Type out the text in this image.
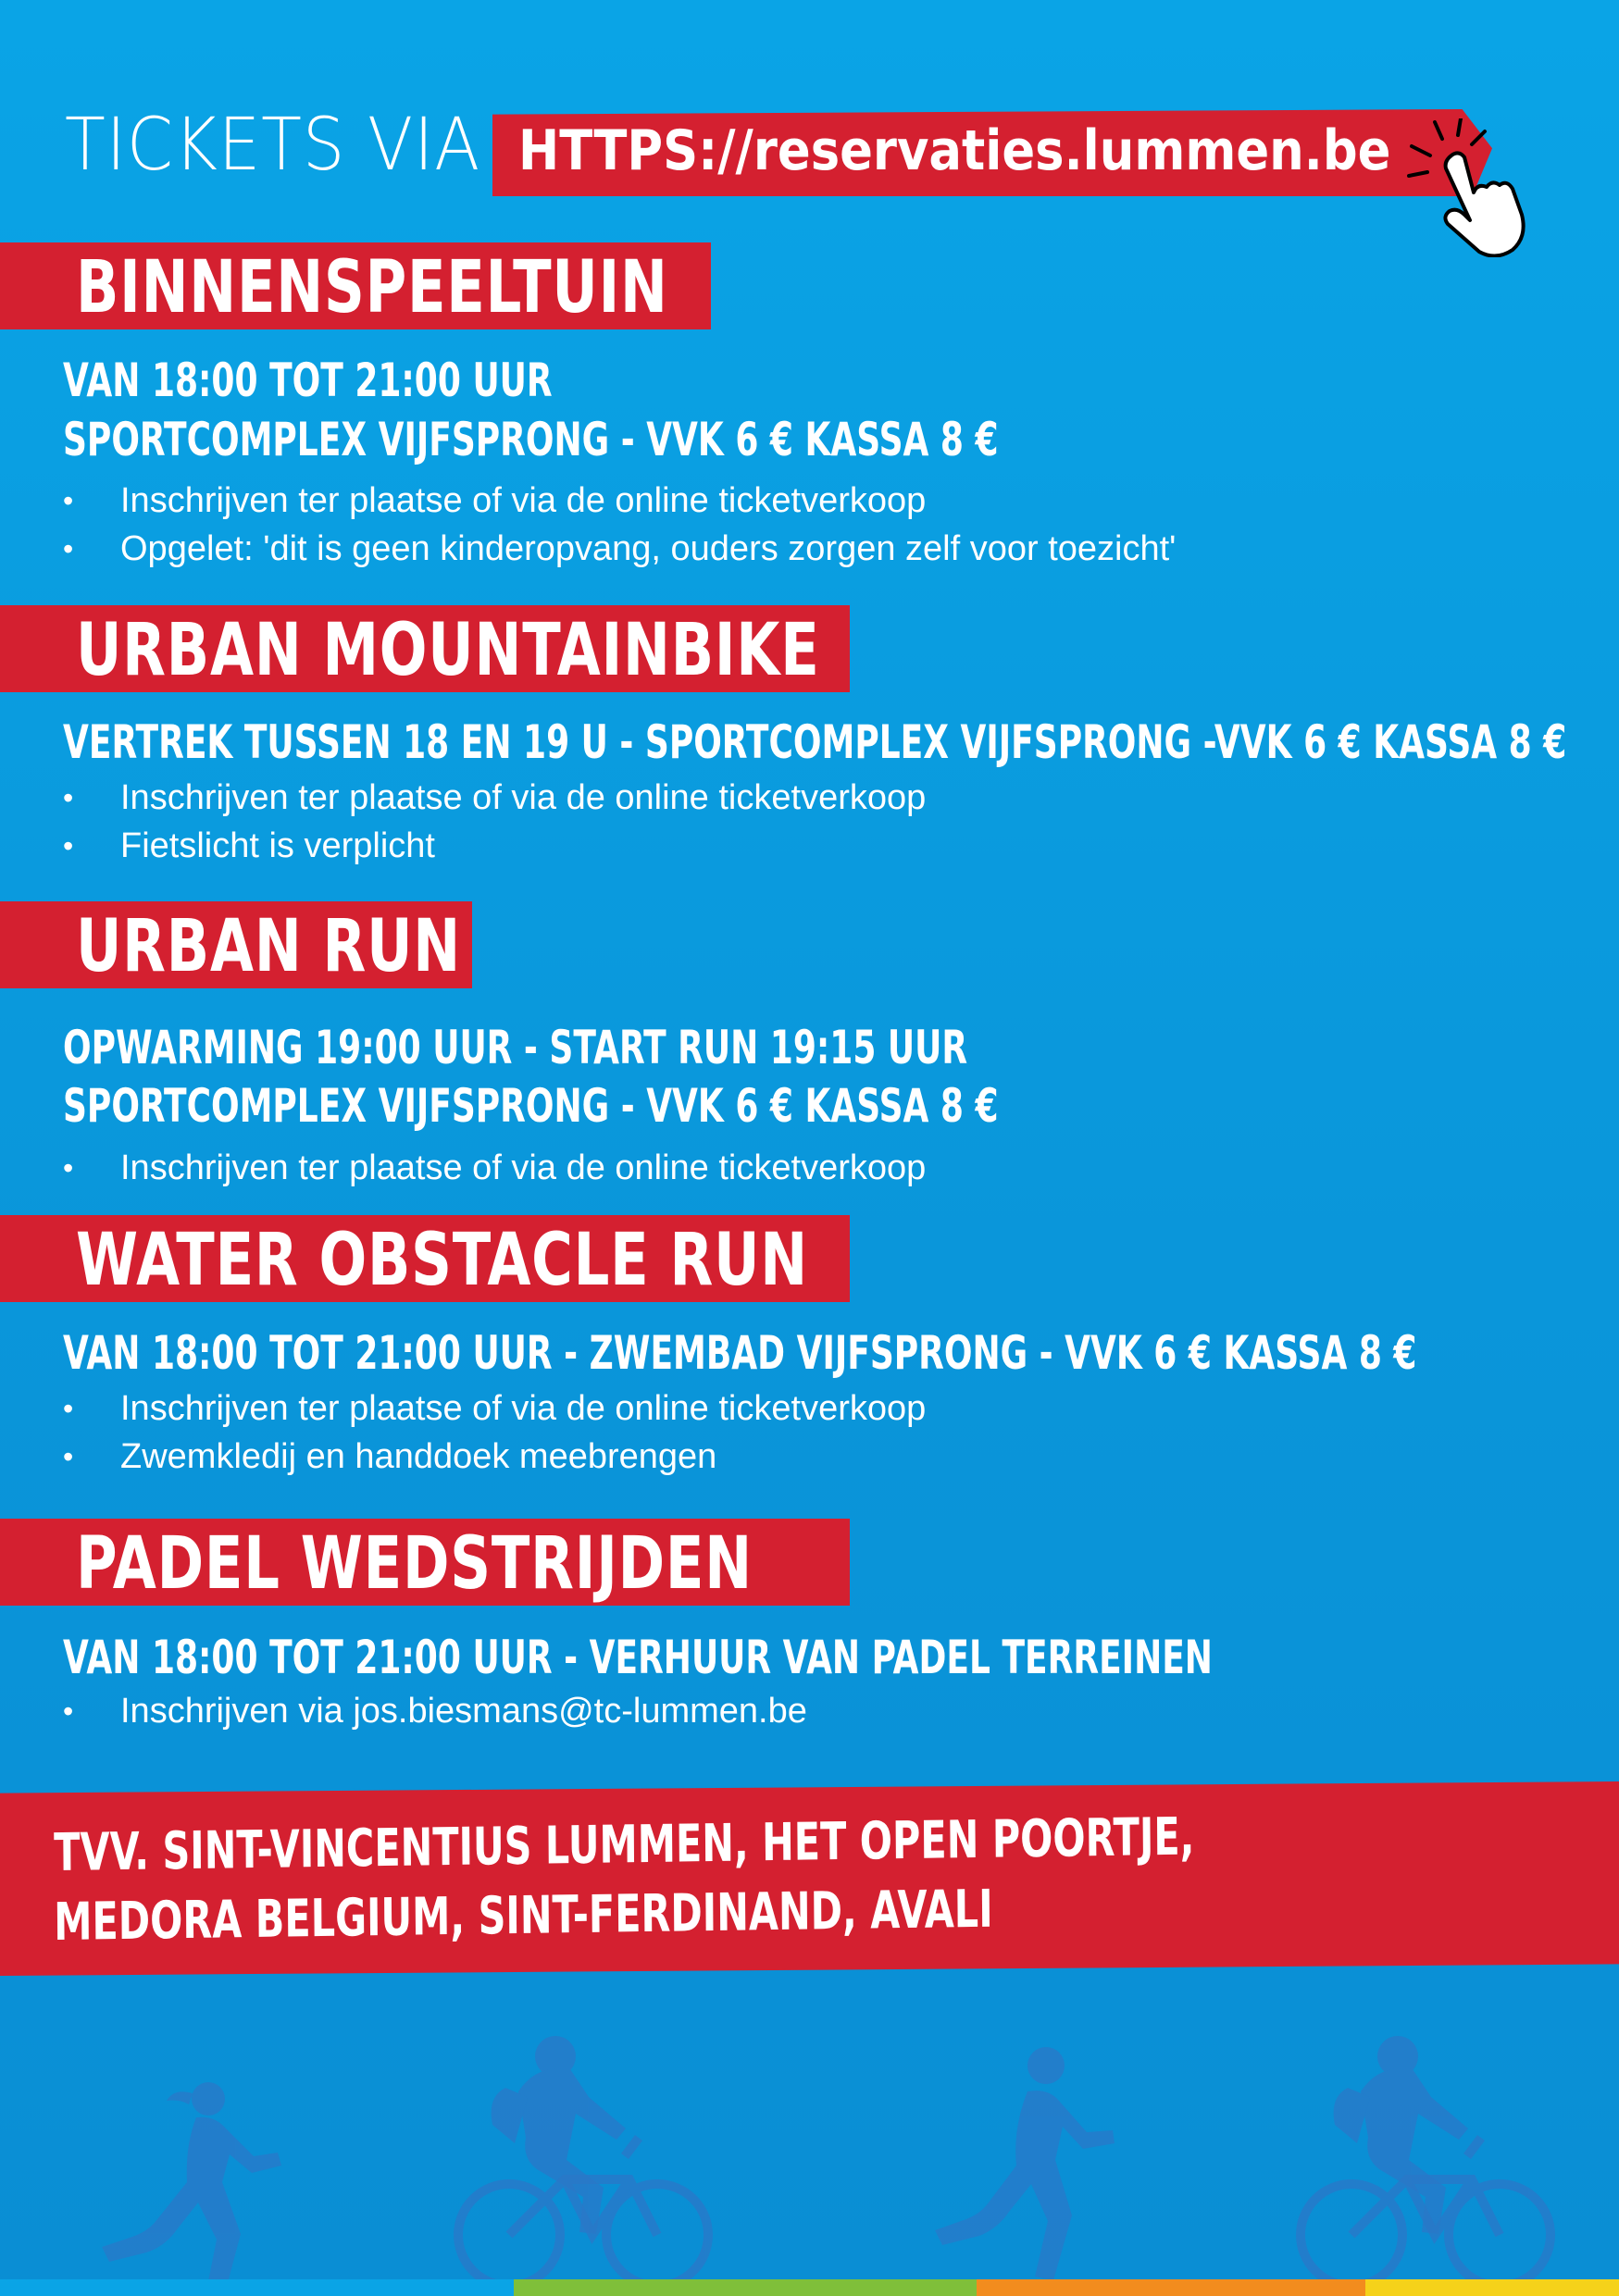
TICKETS VIA HTTPS://reservaties.lummen.be
BINNENSPEELTUIN
VAN 18:00 TOT 21:00 UUR
SPORTCOMPLEX VIJFSPRONG - VVK 6 € KASSA 8 €
• Inschrijven ter plaatse of via de online ticketverkoop
• Opgelet: 'dit is geen kinderopvang, ouders zorgen zelf voor toezicht'
URBAN MOUNTAINBIKE
VERTREK TUSSEN 18 EN 19 U - SPORTCOMPLEX VIJFSPRONG -VVK 6 € KASSA 8 €
• Inschrijven ter plaatse of via de online ticketverkoop
• Fietslicht is verplicht
URBAN RUN
OPWARMING 19:00 UUR - START RUN 19:15 UUR
SPORTCOMPLEX VIJFSPRONG - VVK 6 € KASSA 8 €
• Inschrijven ter plaatse of via de online ticketverkoop
WATER OBSTACLE RUN
VAN 18:00 TOT 21:00 UUR - ZWEMBAD VIJFSPRONG - VVK 6 € KASSA 8 €
• Inschrijven ter plaatse of via de online ticketverkoop
• Zwemkledij en handdoek meebrengen
PADEL WEDSTRIJDEN
VAN 18:00 TOT 21:00 UUR - VERHUUR VAN PADEL TERREINEN
• Inschrijven via jos.biesmans@tc-lummen.be
TVV. SINT-VINCENTIUS LUMMEN, HET OPEN POORTJE,
MEDORA BELGIUM, SINT-FERDINAND, AVALI
